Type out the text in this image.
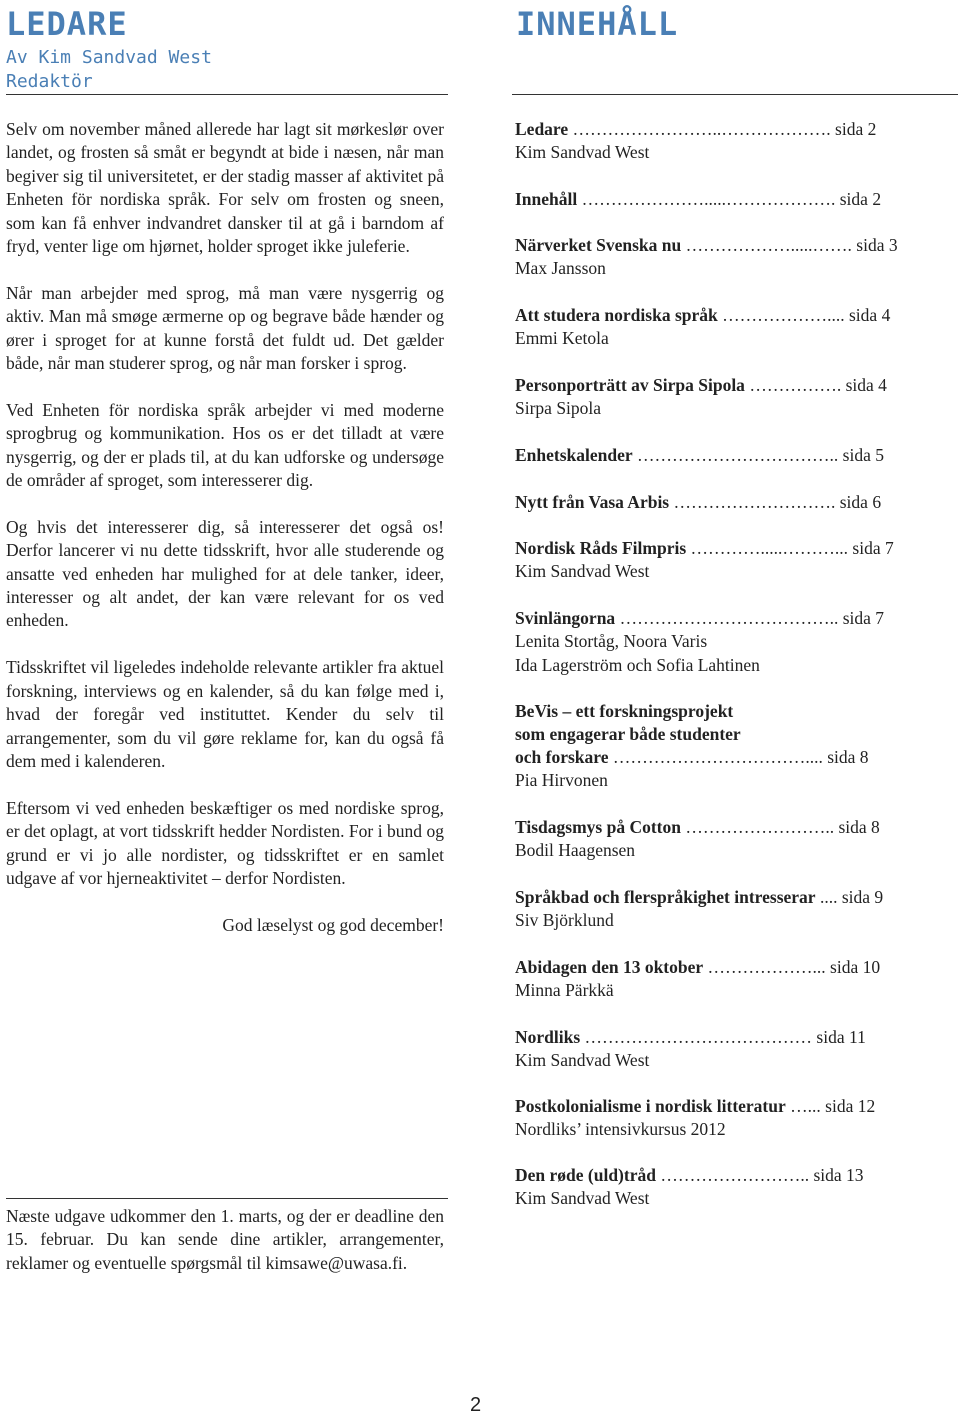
LEDARE
Av Kim Sandvad West
Redaktör

Selv om november måned allerede har lagt sit mørkeslør over landet, og frosten så småt er begyndt at bide i næsen, når man begiver sig til universitetet, er der stadig masser af aktivitet på Enheten för nordiska språk. For selv om frosten og sneen, som kan få enhver indvandret dansker til at gå i barndom af fryd, venter lige om hjørnet, holder sproget ikke juleferie.

Når man arbejder med sprog, må man være nysgerrig og aktiv. Man må smøge ærmerne op og begrave både hænder og ører i sproget for at kunne forstå det fuldt ud. Det gælder både, når man studerer sprog, og når man forsker i sprog.

Ved Enheten för nordiska språk arbejder vi med moderne sprogbrug og kommunikation. Hos os er det tilladt at være nysgerrig, og der er plads til, at du kan udforske og undersøge de områder af sproget, som interesserer dig.

Og hvis det interesserer dig, så interesserer det også os! Derfor lancerer vi nu dette tidsskrift, hvor alle studerende og ansatte ved enheden har mulighed for at dele tanker, ideer, interesser og alt andet, der kan være relevant for os ved enheden.

Tidsskriftet vil ligeledes indeholde relevante artikler fra aktuel forskning, interviews og en kalender, så du kan følge med i, hvad der foregår ved instituttet. Kender du selv til arrangementer, som du vil gøre reklame for, kan du også få dem med i kalenderen.

Eftersom vi ved enheden beskæftiger os med nordiske sprog, er det oplagt, at vort tidsskrift hedder Nordisten. For i bund og grund er vi jo alle nordister, og tidsskriftet er en samlet udgave af vor hjerneaktivitet – derfor Nordisten.

God læselyst og god december!

Næste udgave udkommer den 1. marts, og der er deadline den 15. februar. Du kan sende dine artikler, arrangementer, reklamer og eventuelle spørgsmål til kimsawe@uwasa.fi.
INNEHÅLL
Ledare ……………………..………………. sida 2
Kim Sandvad West
Innehåll ………………….....………………. sida 2
Närverket Svenska nu ……………….....……. sida 3
Max Jansson
Att studera nordiska språk ……………….... sida 4
Emmi Ketola
Personporträtt av Sirpa Sipola ……………. sida 4
Sirpa Sipola
Enhetskalender …………………………….. sida 5
Nytt från Vasa Arbis ………………………. sida 6
Nordisk Råds Filmpris ………….....………... sida 7
Kim Sandvad West
Svinlängorna ……………………………….. sida 7
Lenita Stortåg, Noora Varis
Ida Lagerström och Sofia Lahtinen
BeVis – ett forskningsprojekt
som engagerar både studenter
och forskare …………………………….... sida 8
Pia Hirvonen
Tisdagsmys på Cotton …………………….. sida 8
Bodil Haagensen
Språkbad och flerspråkighet intresserar .... sida 9
Siv Björklund
Abidagen den 13 oktober ………………... sida 10
Minna Pärkkä
Nordliks ………………………………… sida 11
Kim Sandvad West
Postkolonialisme i nordisk litteratur …... sida 12
Nordliks’ intensivkursus 2012
Den røde (uld)tråd …………………….. sida 13
Kim Sandvad West
2
